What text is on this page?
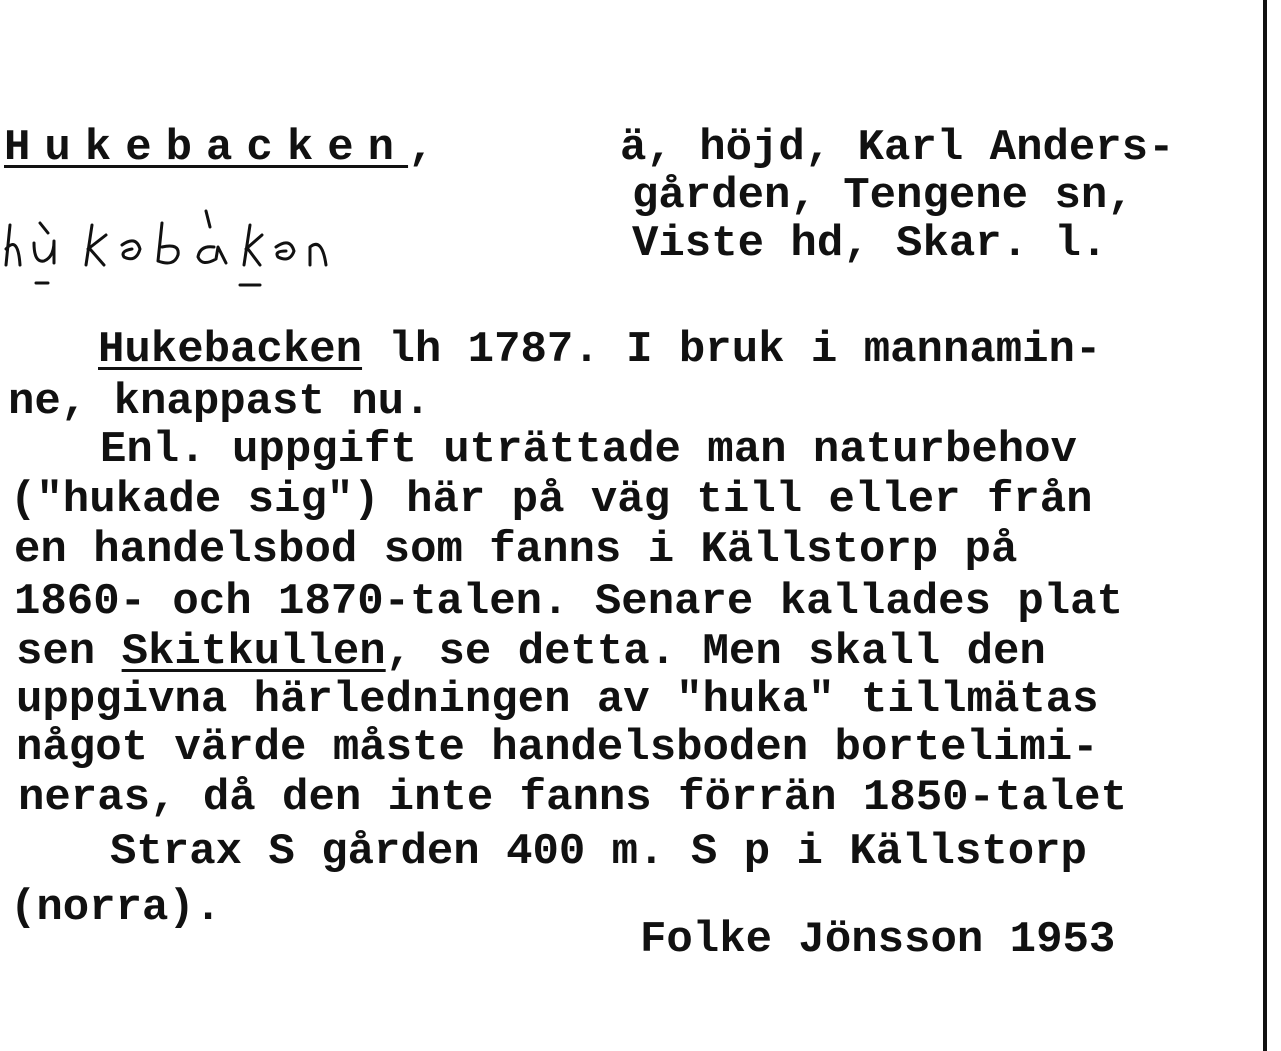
Hukebacken,	ä, höjd, Karl Anders-
gården, Tengene sn,
Viste hd, Skar. l.
Hukebacken lh 1787. I bruk i mannamin-
ne, knappast nu.
Enl. uppgift uträttade man naturbehov
("hukade sig") här på väg till eller från
en handelsbod som fanns i Källstorp på
1860- och 1870-talen. Senare kallades plat
sen Skitkullen, se detta. Men skall den
uppgivna härledningen av "huka" tillmätas
något värde måste handelsboden bortelimi-
neras, då den inte fanns förrän 1850-talet
Strax S gården 400 m. S p i Källstorp
(norra).
Folke Jönsson 1953
